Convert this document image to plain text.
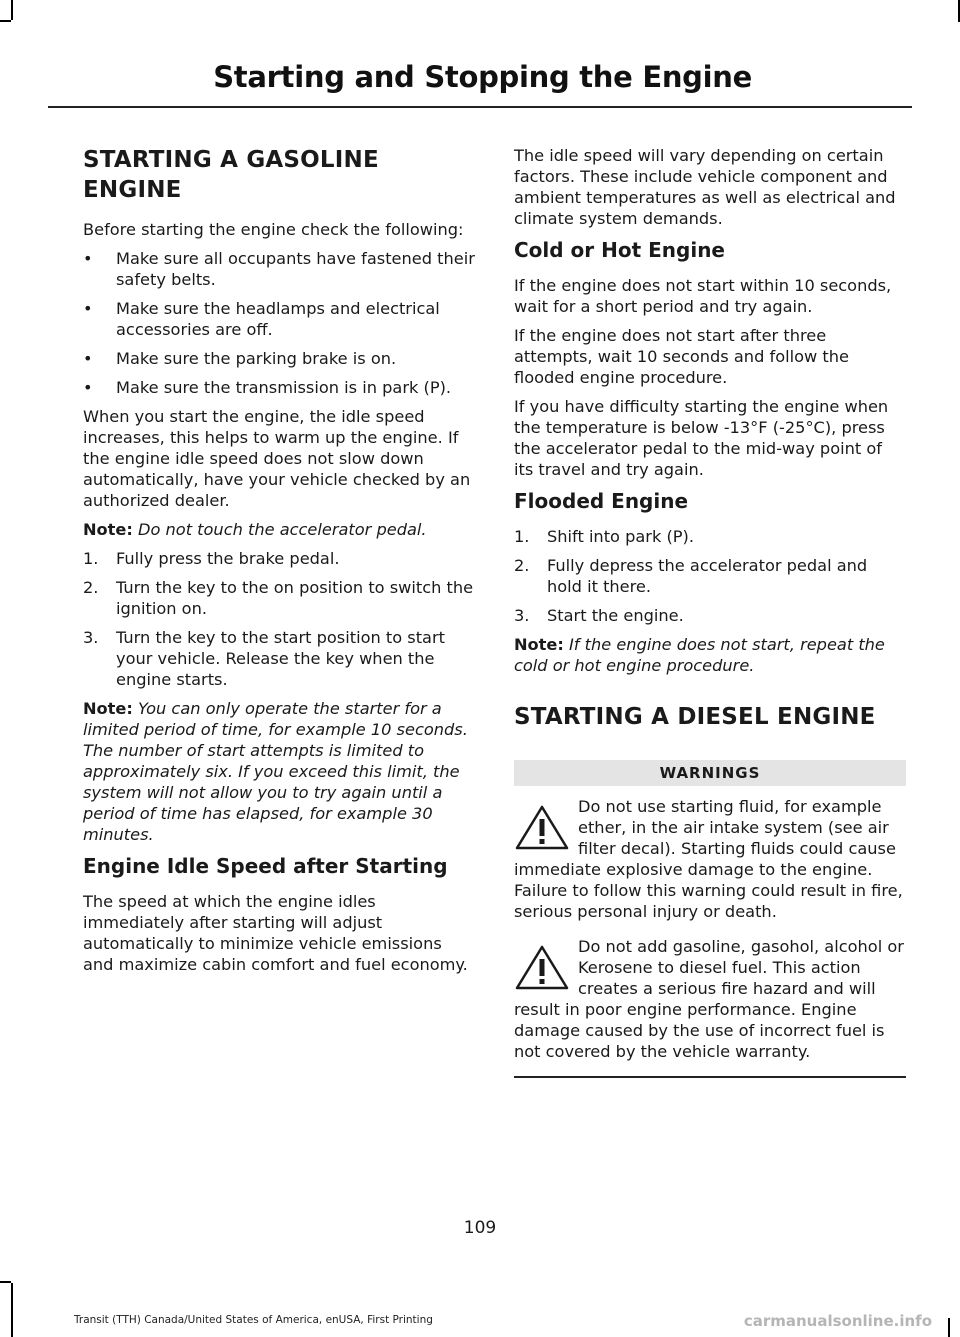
Starting and Stopping the Engine
STARTING A GASOLINE ENGINE

Before starting the engine check the following:

• Make sure all occupants have fastened their safety belts.
• Make sure the headlamps and electrical accessories are off.
• Make sure the parking brake is on.
• Make sure the transmission is in park (P).

When you start the engine, the idle speed increases, this helps to warm up the engine. If the engine idle speed does not slow down automatically, have your vehicle checked by an authorized dealer.

Note: Do not touch the accelerator pedal.

1. Fully press the brake pedal.
2. Turn the key to the on position to switch the ignition on.
3. Turn the key to the start position to start your vehicle. Release the key when the engine starts.

Note: You can only operate the starter for a limited period of time, for example 10 seconds. The number of start attempts is limited to approximately six. If you exceed this limit, the system will not allow you to try again until a period of time has elapsed, for example 30 minutes.

Engine Idle Speed after Starting

The speed at which the engine idles immediately after starting will adjust automatically to minimize vehicle emissions and maximize cabin comfort and fuel economy.

The idle speed will vary depending on certain factors. These include vehicle component and ambient temperatures as well as electrical and climate system demands.

Cold or Hot Engine

If the engine does not start within 10 seconds, wait for a short period and try again.

If the engine does not start after three attempts, wait 10 seconds and follow the flooded engine procedure.

If you have difficulty starting the engine when the temperature is below -13°F (-25°C), press the accelerator pedal to the mid-way point of its travel and try again.

Flooded Engine
1. Shift into park (P).
2. Fully depress the accelerator pedal and hold it there.
3. Start the engine.

Note: If the engine does not start, repeat the cold or hot engine procedure.

STARTING A DIESEL ENGINE
WARNINGS
Do not use starting fluid, for example ether, in the air intake system (see air filter decal). Starting fluids could cause immediate explosive damage to the engine. Failure to follow this warning could result in fire, serious personal injury or death.
Do not add gasoline, gasohol, alcohol or Kerosene to diesel fuel. This action creates a serious fire hazard and will result in poor engine performance. Engine damage caused by the use of incorrect fuel is not covered by the vehicle warranty.
109
Transit (TTH) Canada/United States of America, enUSA, First Printing	carmanualsonline.info
